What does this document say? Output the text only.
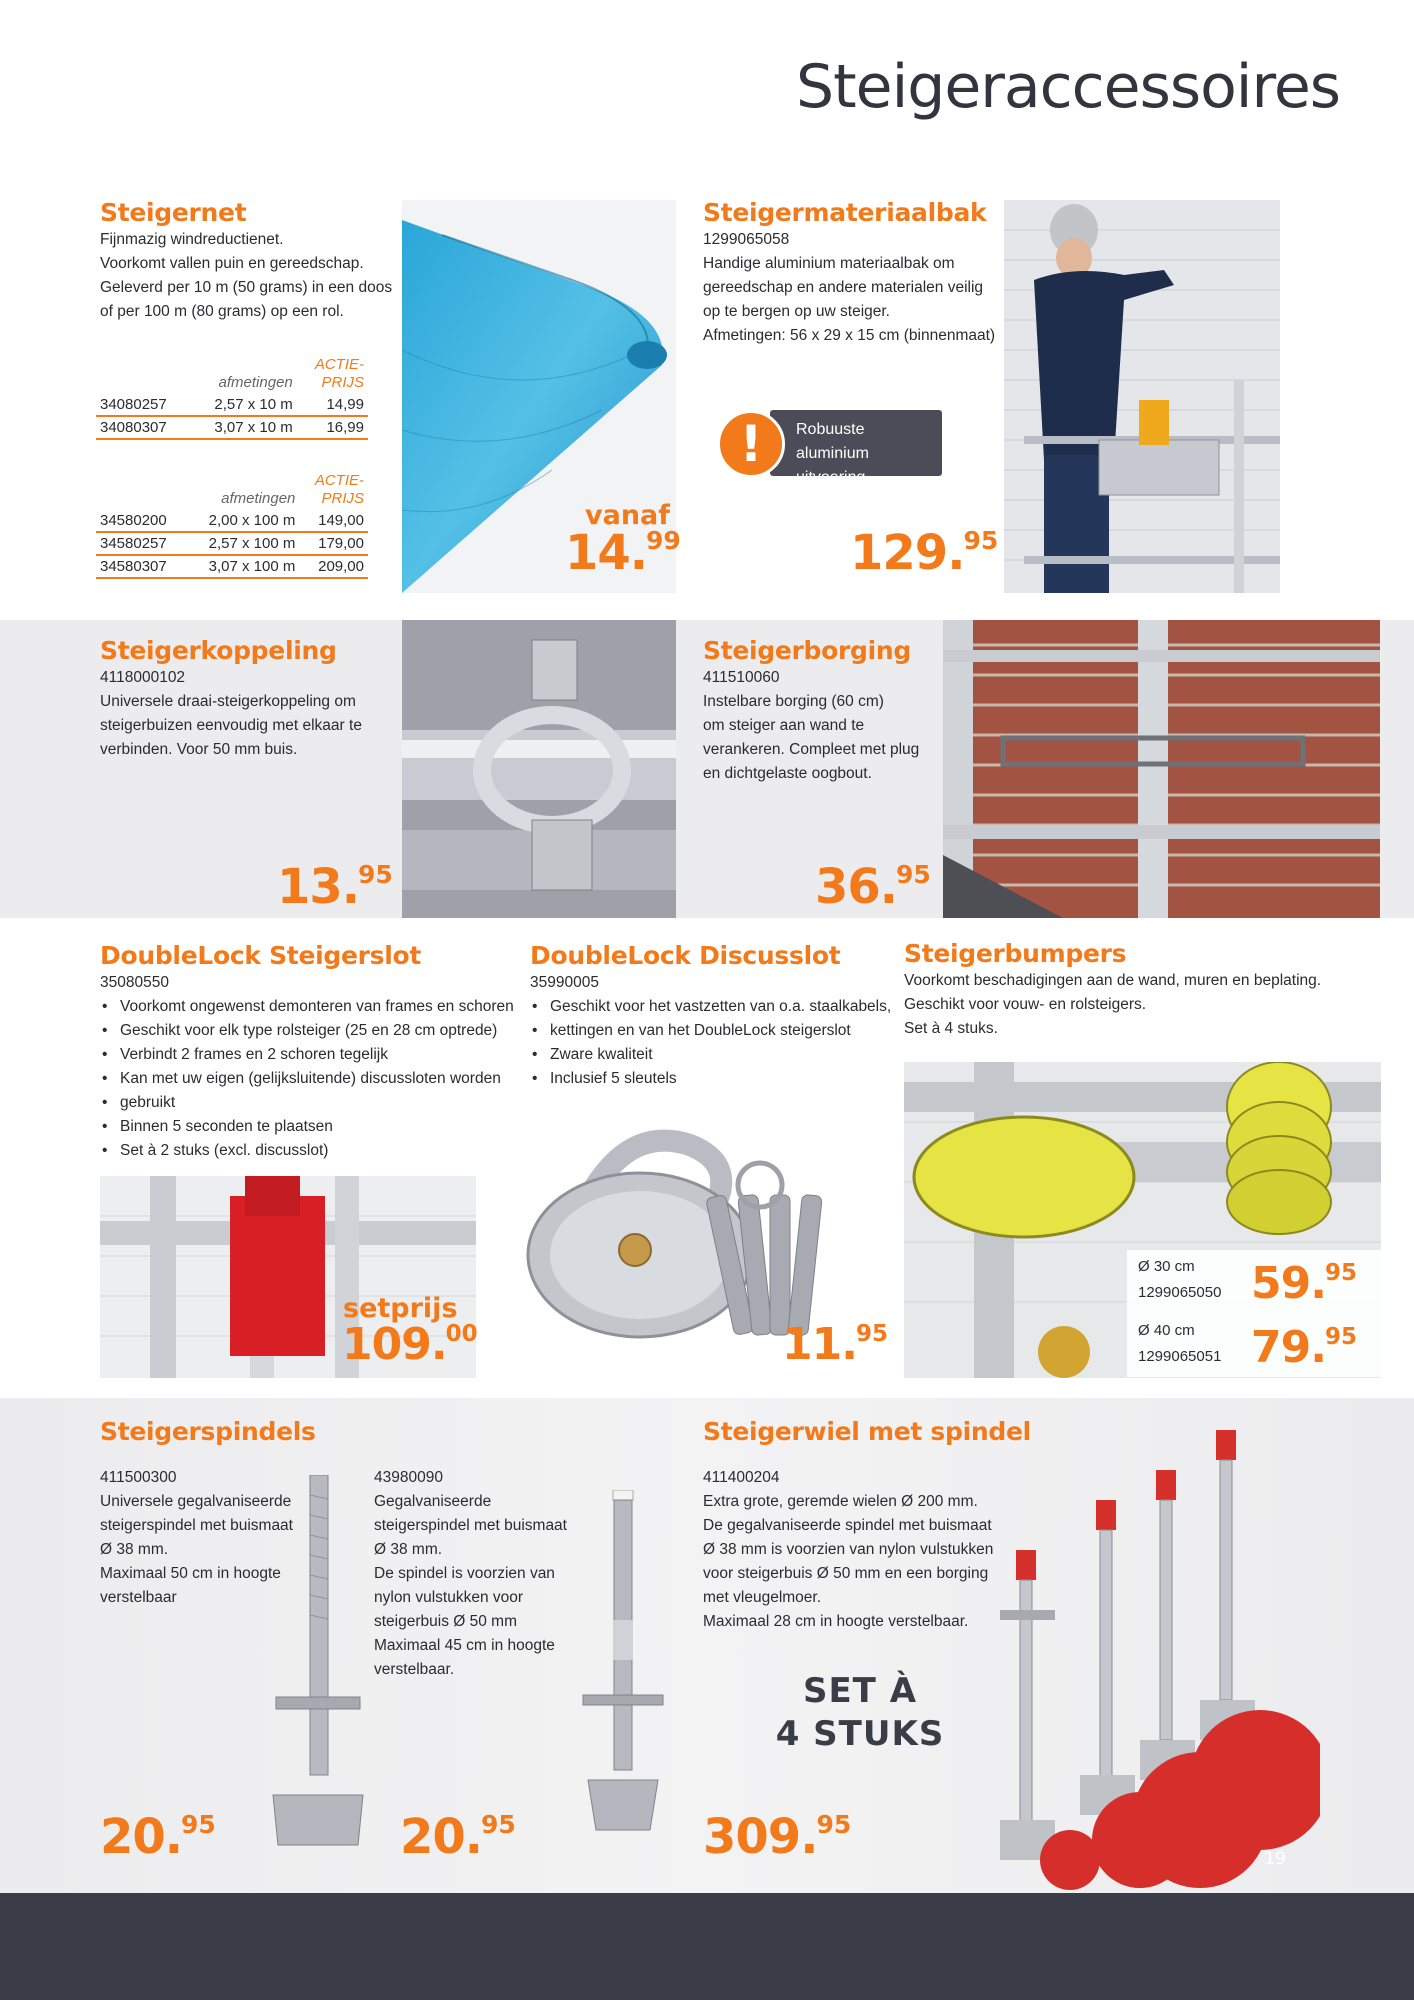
Steigeraccessoires
Steigernet
Fijnmazig windreductienet.
Voorkomt vallen puin en gereedschap.
Geleverd per 10 m (50 grams) in een doos
of per 100 m (80 grams) op een rol.
	afmetingen	ACTIE-
PRIJS

34080257	2,57 x 10 m	14,99
34080307	3,07 x 10 m	16,99
	afmetingen	ACTIE-
PRIJS

34580200	2,00 x 100 m	149,00
34580257	2,57 x 100 m	179,00
34580307	3,07 x 100 m	209,00
vanaf
14.99
Steigermateriaalbak
1299065058
Handige aluminium materiaalbak om
gereedschap en andere materialen veilig
op te bergen op uw steiger.
Afmetingen: 56 x 29 x 15 cm (binnenmaat)
Robuuste aluminium
uitvoering
!
129.95
Steigerkoppeling
4118000102
Universele draai-steigerkoppeling om
steigerbuizen eenvoudig met elkaar te
verbinden. Voor 50 mm buis.
13.95
Steigerborging
411510060
Instelbare borging (60 cm)
om steiger aan wand te
verankeren. Compleet met plug
en dichtgelaste oogbout.
36.95
DoubleLock Steigerslot
35080550
• Voorkomt ongewenst demonteren van frames en schoren
• Geschikt voor elk type rolsteiger (25 en 28 cm optrede)
• Verbindt 2 frames en 2 schoren tegelijk
• Kan met uw eigen (gelijksluitende) discussloten worden
• gebruikt
• Binnen 5 seconden te plaatsen
• Set à 2 stuks (excl. discusslot)
setprijs
109.00
DoubleLock Discusslot
35990005
• Geschikt voor het vastzetten van o.a. staalkabels,
• kettingen en van het DoubleLock steigerslot
• Zware kwaliteit
• Inclusief 5 sleutels
11.95
Steigerbumpers
Voorkomt beschadigingen aan de wand, muren en beplating.
Geschikt voor vouw- en rolsteigers.
Set à 4 stuks.
Ø 30 cm
1299065050 59.95
Ø 40 cm
1299065051 79.95
Steigerspindels
411500300
Universele gegalvaniseerde
steigerspindel met buismaat
Ø 38 mm.
Maximaal 50 cm in hoogte
verstelbaar
20.95
43980090
Gegalvaniseerde
steigerspindel met buismaat
Ø 38 mm.
De spindel is voorzien van
nylon vulstukken voor
steigerbuis Ø 50 mm
Maximaal 45 cm in hoogte
verstelbaar.
20.95
Steigerwiel met spindel
411400204
Extra grote, geremde wielen Ø 200 mm.
De gegalvaniseerde spindel met buismaat
Ø 38 mm is voorzien van nylon vulstukken
voor steigerbuis Ø 50 mm en een borging
met vleugelmoer.
Maximaal 28 cm in hoogte verstelbaar.
SET À
4 STUKS
309.95
19
